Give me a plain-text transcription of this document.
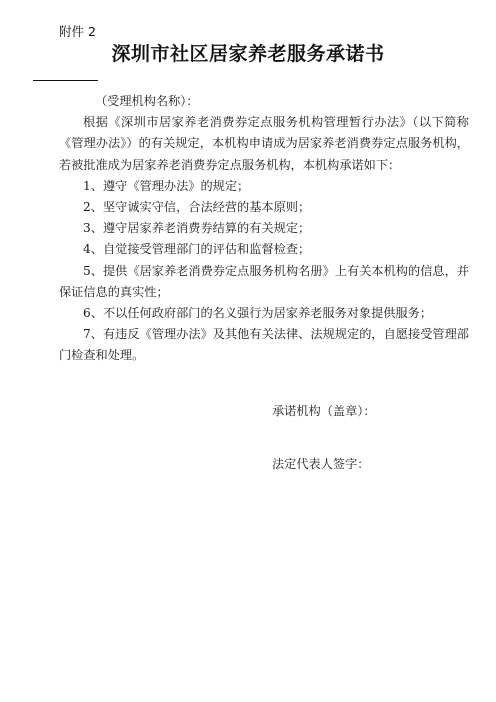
附件 2
深圳市社区居家养老服务承诺书

（受理机构名称）：

根据《深圳市居家养老消费券定点服务机构管理暂行办法》（以下简称《管理办法》）的有关规定，本机构申请成为居家养老消费券定点服务机构，若被批准成为居家养老消费券定点服务机构，本机构承诺如下：

1、遵守《管理办法》的规定；

2、坚守诚实守信，合法经营的基本原则；

3、遵守居家养老消费券结算的有关规定；

4、自觉接受管理部门的评估和监督检查；

5、提供《居家养老消费券定点服务机构名册》上有关本机构的信息，并保证信息的真实性；

6、不以任何政府部门的名义强行为居家养老服务对象提供服务；

7、有违反《管理办法》及其他有关法律、法规规定的，自愿接受管理部门检查和处理。

承诺机构（盖章）：
法定代表人签字：
